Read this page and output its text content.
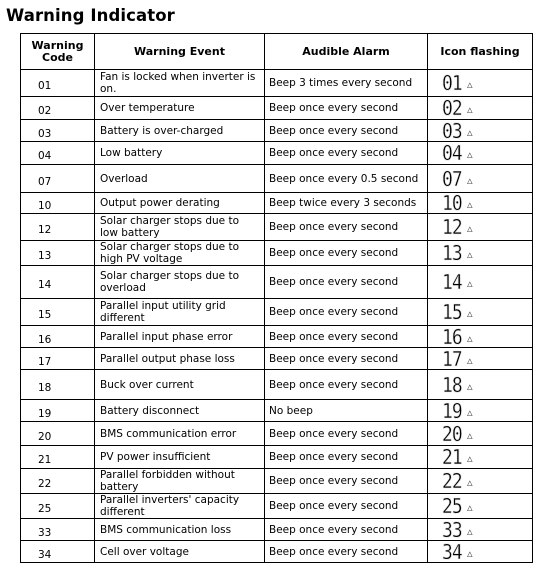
Warning Indicator
Warning Code	Warning Event	Audible Alarm	Icon flashing
01	Fan is locked when inverter is on.	Beep 3 times every second	01 △

02	Over temperature	Beep once every second	02 △

03	Battery is over-charged	Beep once every second	03 △

04	Low battery	Beep once every second	04 △

07	Overload	Beep once every 0.5 second	07 △

10	Output power derating	Beep twice every 3 seconds	10 △

12	Solar charger stops due to low battery	Beep once every second	12 △

13	Solar charger stops due to high PV voltage	Beep once every second	13 △

14	Solar charger stops due to overload	Beep once every second	14 △

15	Parallel input utility grid different	Beep once every second	15 △

16	Parallel input phase error	Beep once every second	16 △

17	Parallel output phase loss	Beep once every second	17 △

18	Buck over current	Beep once every second	18 △

19	Battery disconnect	No beep	19 △

20	BMS communication error	Beep once every second	20 △

21	PV power insufficient	Beep once every second	21 △

22	Parallel forbidden without battery	Beep once every second	22 △

25	Parallel inverters' capacity different	Beep once every second	25 △

33	BMS communication loss	Beep once every second	33 △

34	Cell over voltage	Beep once every second	34 △
